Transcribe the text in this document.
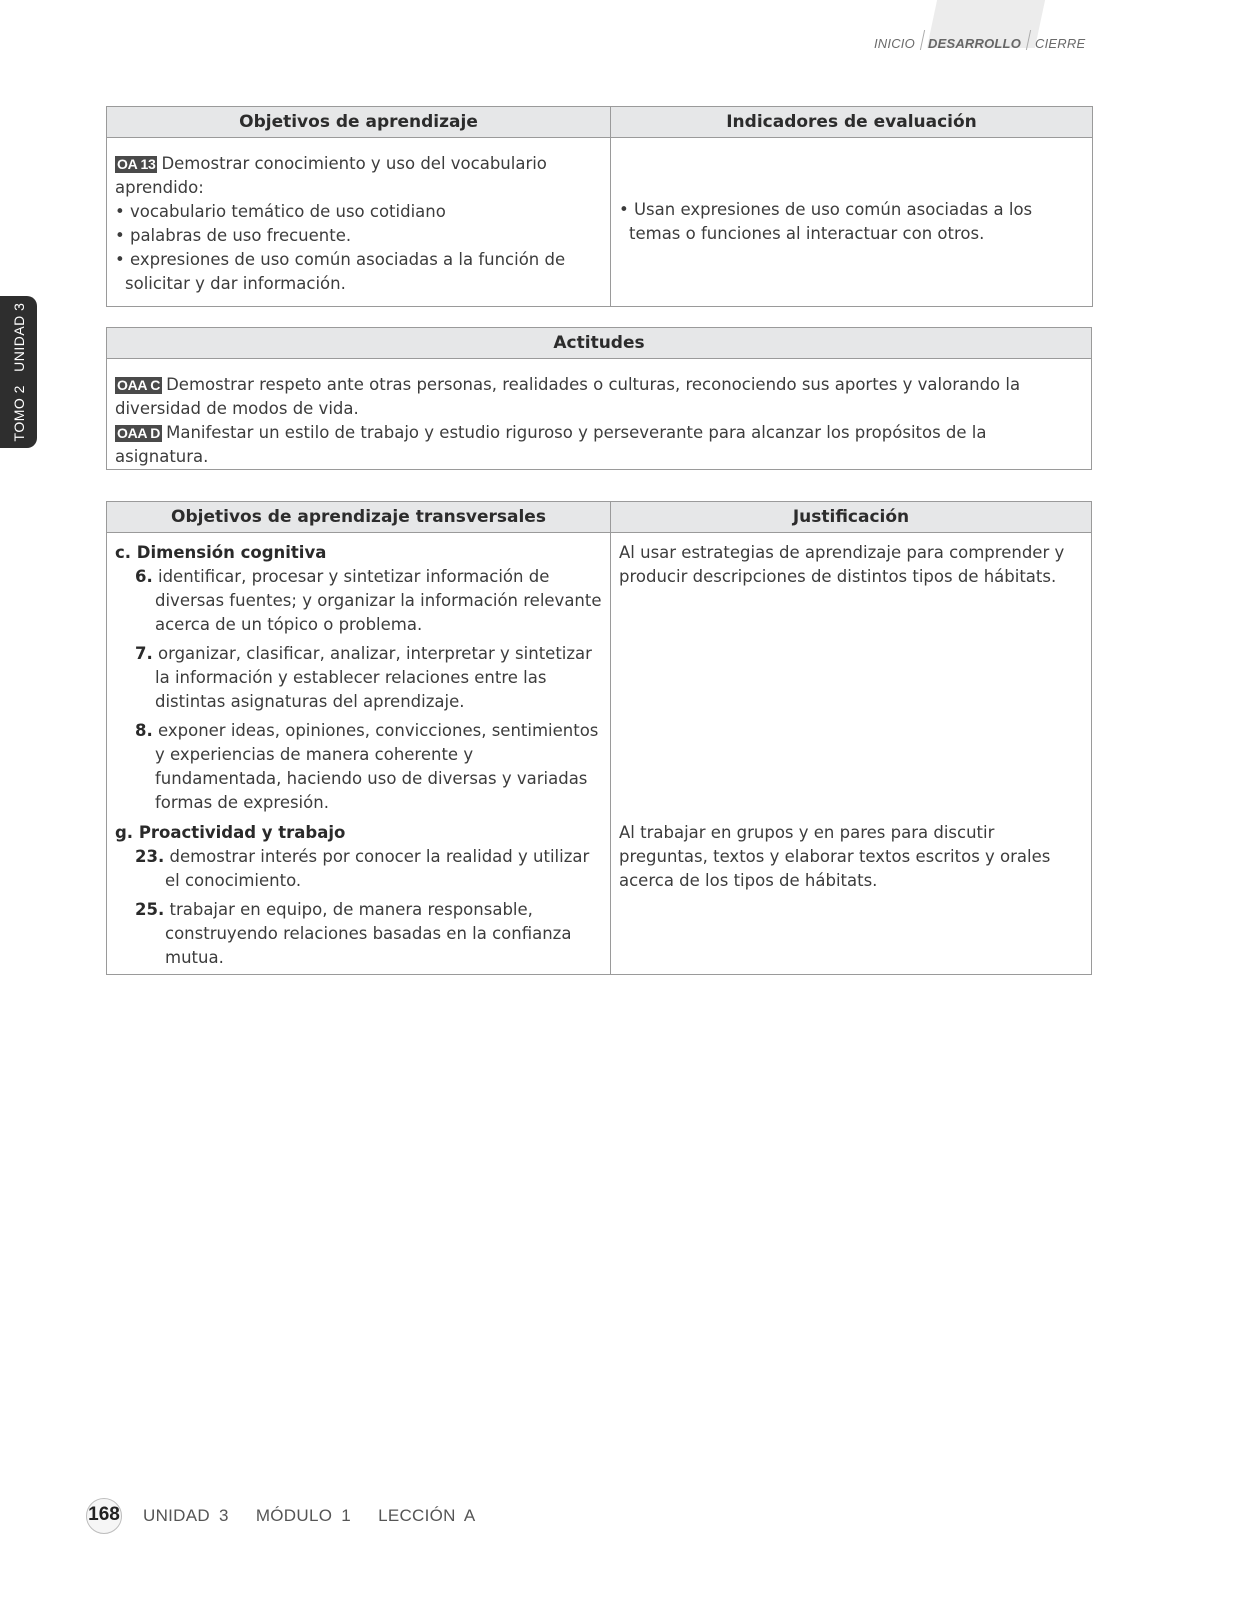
INICIO DESARROLLO CIERRE
TOMO 2   UNIDAD 3
Objetivos de aprendizaje	Indicadores de evaluación

OA 13 Demostrar conocimiento y uso del vocabulario aprendido:
• vocabulario temático de uso cotidiano
• palabras de uso frecuente.
• expresiones de uso común asociadas a la función de solicitar y dar información.	• Usan expresiones de uso común asociadas a los temas o funciones al interactuar con otros.
Actitudes

OAA C Demostrar respeto ante otras personas, realidades o culturas, reconociendo sus aportes y valorando la diversidad de modos de vida.
OAA D Manifestar un estilo de trabajo y estudio riguroso y perseverante para alcanzar los propósitos de la asignatura.
Objetivos de aprendizaje transversales	Justificación

c. Dimensión cognitiva
6. identificar, procesar y sintetizar información de diversas fuentes; y organizar la información relevante acerca de un tópico o problema.
7. organizar, clasificar, analizar, interpretar y sintetizar la información y establecer relaciones entre las distintas asignaturas del aprendizaje.
8. exponer ideas, opiniones, convicciones, sentimientos y experiencias de manera coherente y fundamentada, haciendo uso de diversas y variadas formas de expresión.	Al usar estrategias de aprendizaje para comprender y producir descripciones de distintos tipos de hábitats.

g. Proactividad y trabajo
23. demostrar interés por conocer la realidad y utilizar el conocimiento.
25. trabajar en equipo, de manera responsable, construyendo relaciones basadas en la confianza mutua.	Al trabajar en grupos y en pares para discutir preguntas, textos y elaborar textos escritos y orales acerca de los tipos de hábitats.
168 UNIDAD 3   MÓDULO 1   LECCIÓN A
